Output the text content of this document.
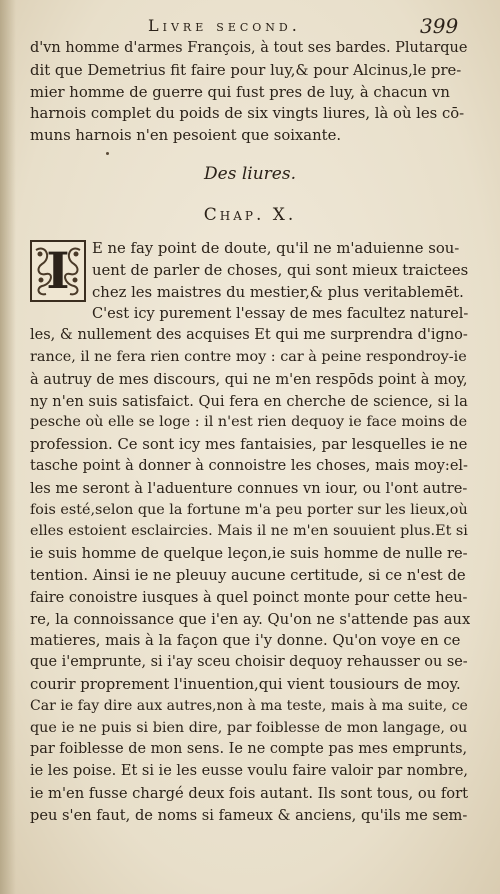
Livre second.	399
d'vn homme d'armes François, à tout ses bardes. Plutarque
dit que Demetrius fit faire pour luy,& pour Alcinus,le pre-
mier homme de guerre qui fust pres de luy, à chacun vn
harnois complet du poids de six vingts liures, là où les cō-
muns harnois n'en pesoient que soixante.
Des liures.
Chap. X.
I	E ne fay point de doute, qu'il ne m'aduienne sou-
uent de parler de choses, qui sont mieux traictees
chez les maistres du mestier,& plus veritablemēt.
C'est icy purement l'essay de mes facultez naturel-
les, & nullement des acquises Et qui me surprendra d'igno-
rance, il ne fera rien contre moy : car à peine respondroy-ie
à autruy de mes discours, qui ne m'en respōds point à moy,
ny n'en suis satisfaict. Qui fera en cherche de science, si la
pesche où elle se loge : il n'est rien dequoy ie face moins de
profession. Ce sont icy mes fantaisies, par lesquelles ie ne
tasche point à donner à connoistre les choses, mais moy:el-
les me seront à l'aduenture connues vn iour, ou l'ont autre-
fois esté,selon que la fortune m'a peu porter sur les lieux,où
elles estoient esclaircies. Mais il ne m'en souuient plus.Et si
ie suis homme de quelque leçon,ie suis homme de nulle re-
tention. Ainsi ie ne pleuuy aucune certitude, si ce n'est de
faire conoistre iusques à quel poinct monte pour cette heu-
re, la connoissance que i'en ay. Qu'on ne s'attende pas aux
matieres, mais à la façon que i'y donne. Qu'on voye en ce
que i'emprunte, si i'ay sceu choisir dequoy rehausser ou se-
courir proprement l'inuention,qui vient tousiours de moy.
Car ie fay dire aux autres,non à ma teste, mais à ma suite, ce
que ie ne puis si bien dire, par foiblesse de mon langage, ou
par foiblesse de mon sens. Ie ne compte pas mes emprunts,
ie les poise. Et si ie les eusse voulu faire valoir par nombre,
ie m'en fusse chargé deux fois autant. Ils sont tous, ou fort
peu s'en faut, de noms si fameux & anciens, qu'ils me sem-
